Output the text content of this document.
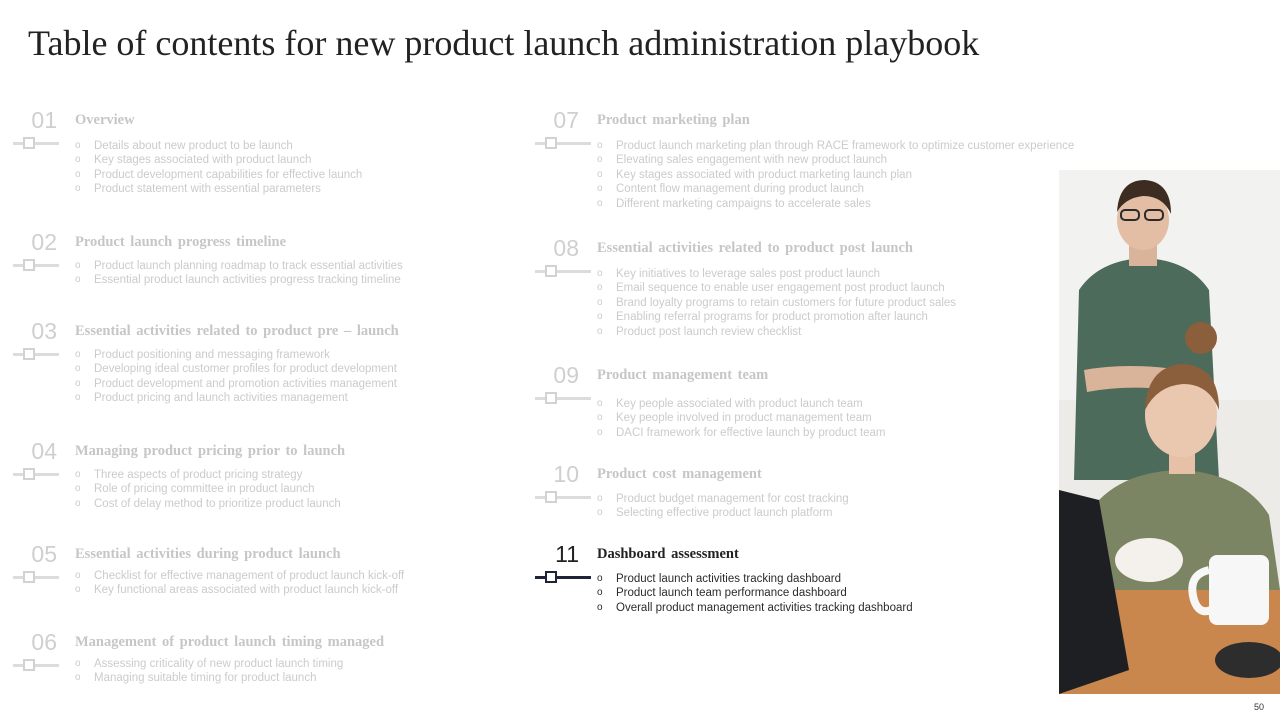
Table of contents for new product launch administration playbook
01 Overview
o Details about new product to be launch
o Key stages associated with product launch
o Product development capabilities for effective launch
o Product statement with essential parameters
02 Product launch progress timeline
o Product launch planning roadmap to track essential activities
o Essential product launch activities progress tracking timeline
03 Essential activities related to product pre – launch
o Product positioning and messaging framework
o Developing ideal customer profiles for product development
o Product development and promotion activities management
o Product pricing and launch activities management
04 Managing product pricing prior to launch
o Three aspects of product pricing strategy
o Role of pricing committee in product launch
o Cost of delay method to prioritize product launch
05 Essential activities during product launch
o Checklist for effective management of product launch kick-off
o Key functional areas associated with product launch kick-off
06 Management of product launch timing managed
o Assessing criticality of new product launch timing
o Managing suitable timing for product launch
07 Product marketing plan
o Product launch marketing plan through RACE framework to optimize customer experience
o Elevating sales engagement with new product launch
o Key stages associated with product marketing launch plan
o Content flow management during product launch
o Different marketing campaigns to accelerate sales
08 Essential activities related to product post launch
o Key initiatives to leverage sales post product launch
o Email sequence to enable user engagement post product launch
o Brand loyalty programs to retain customers for future product sales
o Enabling referral programs for product promotion after launch
o Product post launch review checklist
09 Product management team
o Key people associated with product launch team
o Key people involved in product management team
o DACI framework for effective launch by product team
10 Product cost management
o Product budget management for cost tracking
o Selecting effective product launch platform
11 Dashboard assessment
o Product launch activities tracking dashboard
o Product launch team performance dashboard
o Overall product management activities tracking dashboard
50
